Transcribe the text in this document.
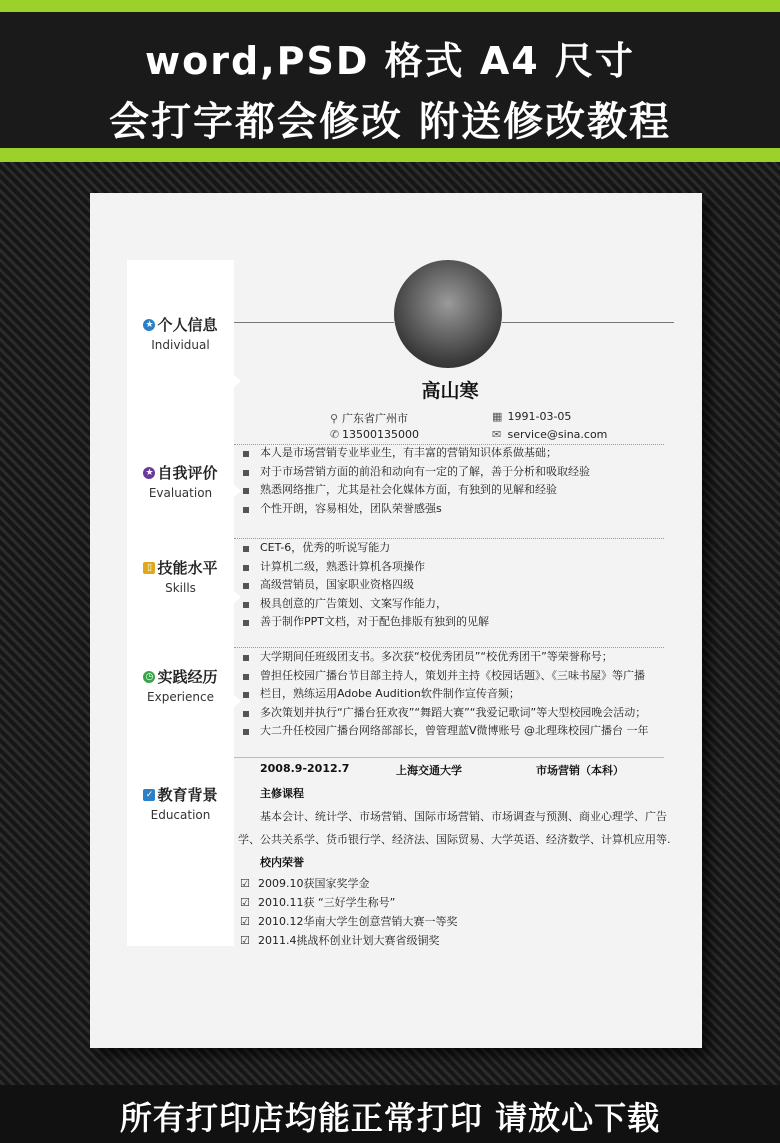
word,PSD 格式 A4 尺寸
会打字都会修改 附送修改教程
★ 个人信息
Individual
★ 自我评价
Evaluation
▯ 技能水平
Skills
◷ 实践经历
Experience
✓ 教育背景
Education
高山寒
⚲ 广东省广州市	▦ 1991-03-05
✆ 13500135000	✉ service@sina.com
本人是市场营销专业毕业生，有丰富的营销知识体系做基础；
对于市场营销方面的前沿和动向有一定的了解，善于分析和吸取经验
熟悉网络推广，尤其是社会化媒体方面，有独到的见解和经验
个性开朗，容易相处，团队荣誉感强s
CET-6，优秀的听说写能力
计算机二级，熟悉计算机各项操作
高级营销员，国家职业资格四级
极具创意的广告策划、文案写作能力，
善于制作PPT文档，对于配色排版有独到的见解
大学期间任班级团支书。多次获“校优秀团员”“校优秀团干”等荣誉称号；
曾担任校园广播台节目部主持人，策划并主持《校园话题》、《三味书屋》等广播
栏目，熟练运用Adobe Audition软件制作宣传音频；
多次策划并执行“广播台狂欢夜”“舞蹈大赛”“我爱记歌词”等大型校园晚会活动；
大二升任校园广播台网络部部长，曾管理蓝V微博账号 @北理珠校园广播台 一年
2008.9-2012.7	上海交通大学	市场营销（本科）
主修课程
基本会计、统计学、市场营销、国际市场营销、市场调查与预测、商业心理学、广告
学、公共关系学、货币银行学、经济法、国际贸易、大学英语、经济数学、计算机应用等.
校内荣誉
☑ 2009.10获国家奖学金
☑ 2010.11获 “三好学生称号”
☑ 2010.12华南大学生创意营销大赛一等奖
☑ 2011.4挑战杯创业计划大赛省级铜奖
所有打印店均能正常打印 请放心下载
